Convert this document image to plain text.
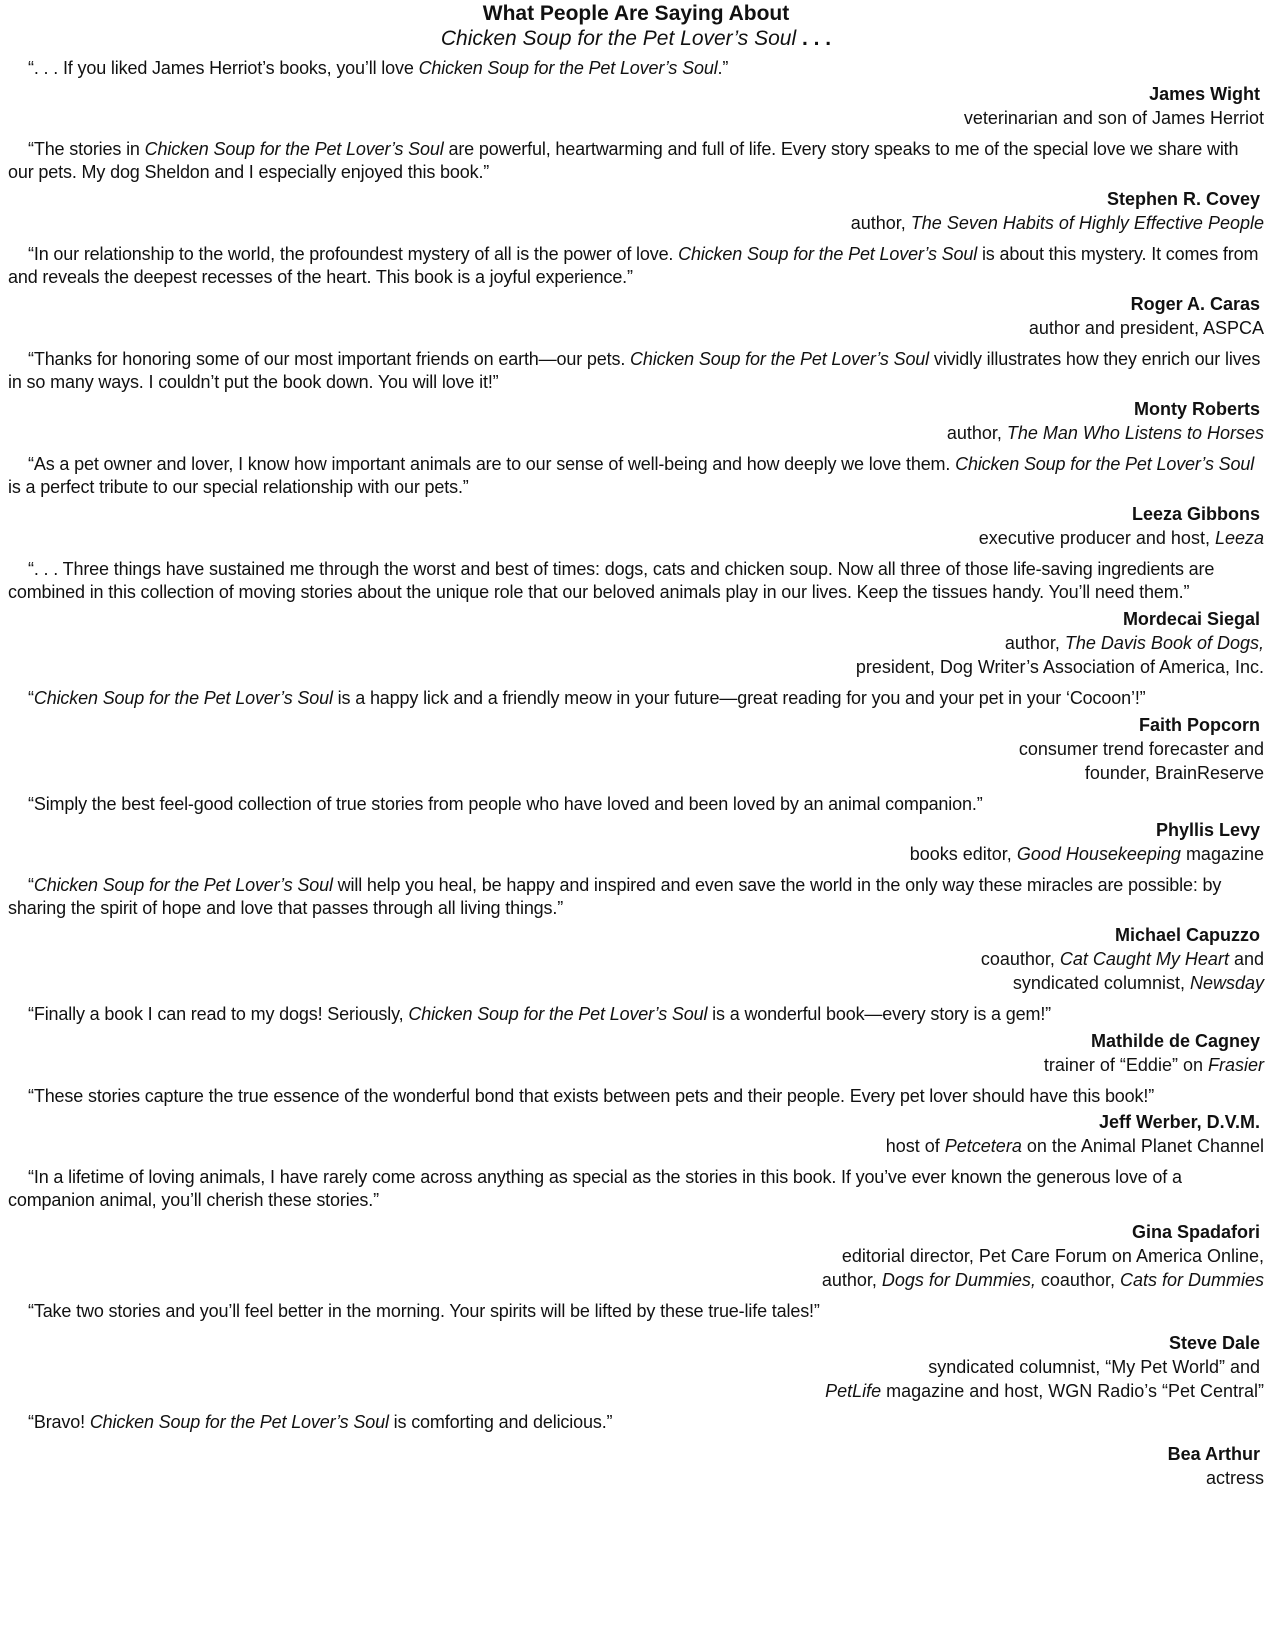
What People Are Saying About
Chicken Soup for the Pet Lover’s Soul . . .

“. . . If you liked James Herriot’s books, you’ll love Chicken Soup for the Pet Lover’s Soul.”

James Wight
veterinarian and son of James Herriot

“The stories in Chicken Soup for the Pet Lover’s Soul are powerful, heartwarming and full of life. Every story speaks to me of the special love we share with our pets. My dog Sheldon and I especially enjoyed this book.”

Stephen R. Covey
author, The Seven Habits of Highly Effective People

“In our relationship to the world, the profoundest mystery of all is the power of love. Chicken Soup for the Pet Lover’s Soul is about this mystery. It comes from and reveals the deepest recesses of the heart. This book is a joyful experience.”

Roger A. Caras
author and president, ASPCA

“Thanks for honoring some of our most important friends on earth—our pets. Chicken Soup for the Pet Lover’s Soul vividly illustrates how they enrich our lives in so many ways. I couldn’t put the book down. You will love it!”

Monty Roberts
author, The Man Who Listens to Horses

“As a pet owner and lover, I know how important animals are to our sense of well-being and how deeply we love them. Chicken Soup for the Pet Lover’s Soul is a perfect tribute to our special relationship with our pets.”

Leeza Gibbons
executive producer and host, Leeza

“. . . Three things have sustained me through the worst and best of times: dogs, cats and chicken soup. Now all three of those life-saving ingredients are combined in this collection of moving stories about the unique role that our beloved animals play in our lives. Keep the tissues handy. You’ll need them.”

Mordecai Siegal
author, The Davis Book of Dogs,
president, Dog Writer’s Association of America, Inc.

“Chicken Soup for the Pet Lover’s Soul is a happy lick and a friendly meow in your future—great reading for you and your pet in your ‘Cocoon’!”

Faith Popcorn
consumer trend forecaster and
founder, BrainReserve

“Simply the best feel-good collection of true stories from people who have loved and been loved by an animal companion.”

Phyllis Levy
books editor, Good Housekeeping magazine

“Chicken Soup for the Pet Lover’s Soul will help you heal, be happy and inspired and even save the world in the only way these miracles are possible: by sharing the spirit of hope and love that passes through all living things.”

Michael Capuzzo
coauthor, Cat Caught My Heart and
syndicated columnist, Newsday

“Finally a book I can read to my dogs! Seriously, Chicken Soup for the Pet Lover’s Soul is a wonderful book—every story is a gem!”

Mathilde de Cagney
trainer of “Eddie” on Frasier

“These stories capture the true essence of the wonderful bond that exists between pets and their people. Every pet lover should have this book!”

Jeff Werber, D.V.M.
host of Petcetera on the Animal Planet Channel

“In a lifetime of loving animals, I have rarely come across anything as special as the stories in this book. If you’ve ever known the generous love of a companion animal, you’ll cherish these stories.”

Gina Spadafori
editorial director, Pet Care Forum on America Online,
author, Dogs for Dummies, coauthor, Cats for Dummies

“Take two stories and you’ll feel better in the morning. Your spirits will be lifted by these true-life tales!”

Steve Dale
syndicated columnist, “My Pet World” and
PetLife magazine and host, WGN Radio’s “Pet Central”

“Bravo! Chicken Soup for the Pet Lover’s Soul is comforting and delicious.”

Bea Arthur
actress
